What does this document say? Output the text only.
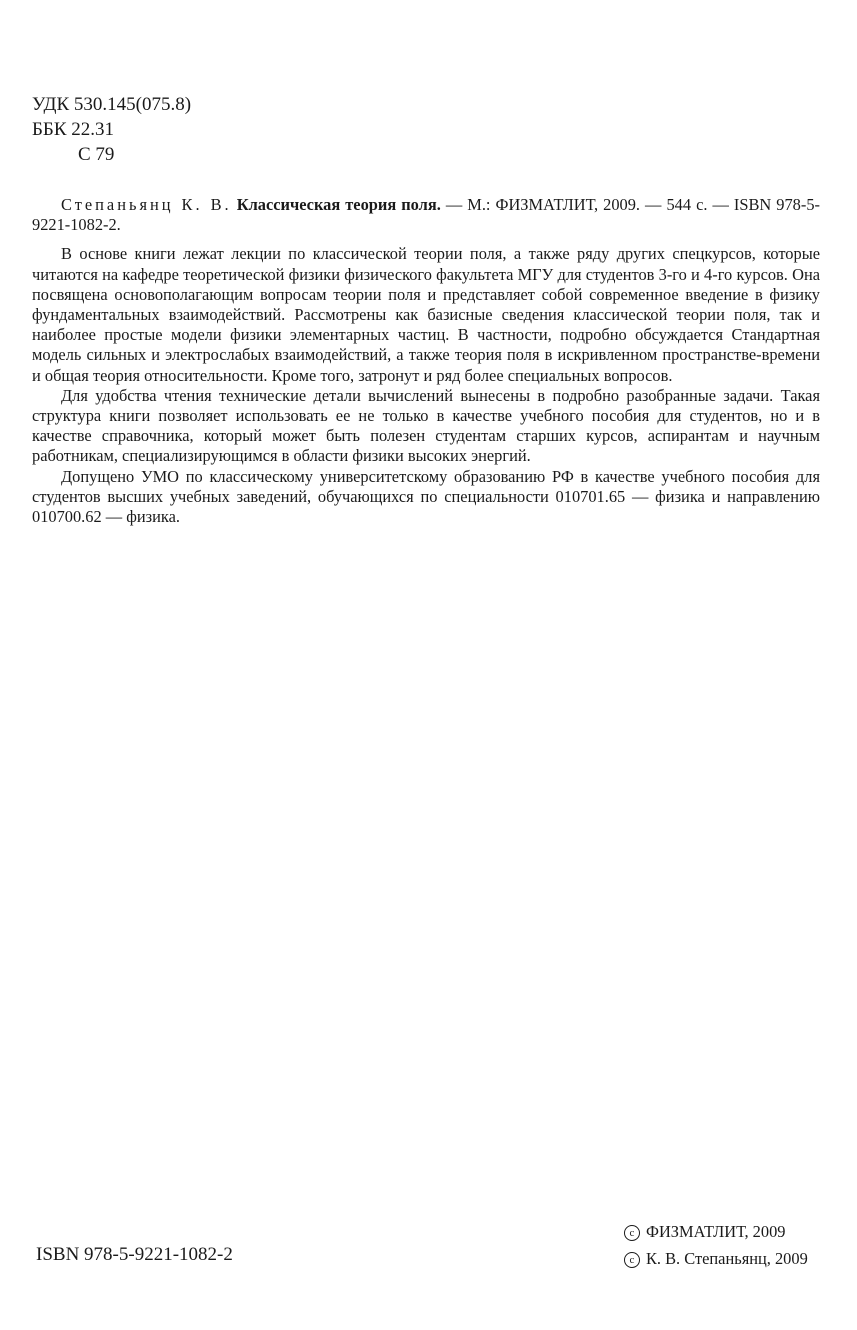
УДК 530.145(075.8)
ББК 22.31
С 79

Степаньянц К. В. Классическая теория поля. — М.: ФИЗМАТЛИТ, 2009. — 544 с. — ISBN 978-5-9221-1082-2.

В основе книги лежат лекции по классической теории поля, а также ряду других спецкурсов, которые читаются на кафедре теоретической физики физического факультета МГУ для студентов 3-го и 4-го курсов. Она посвящена основополагающим вопросам теории поля и представляет собой современное введение в физику фундаментальных взаимодействий. Рассмотрены как базисные сведения классической теории поля, так и наиболее простые модели физики элементарных частиц. В частности, подробно обсуждается Стандартная модель сильных и электрослабых взаимодействий, а также теория поля в искривленном пространстве-времени и общая теория относительности. Кроме того, затронут и ряд более специальных вопросов.

Для удобства чтения технические детали вычислений вынесены в подробно разобранные задачи. Такая структура книги позволяет использовать ее не только в качестве учебного пособия для студентов, но и в качестве справочника, который может быть полезен студентам старших курсов, аспирантам и научным работникам, специализирующимся в области физики высоких энергий.

Допущено УМО по классическому университетскому образованию РФ в качестве учебного пособия для студентов высших учебных заведений, обучающихся по специальности 010701.65 — физика и направлению 010700.62 — физика.

ISBN 978-5-9221-1082-2
c ФИЗМАТЛИТ, 2009
c К. В. Степаньянц, 2009
